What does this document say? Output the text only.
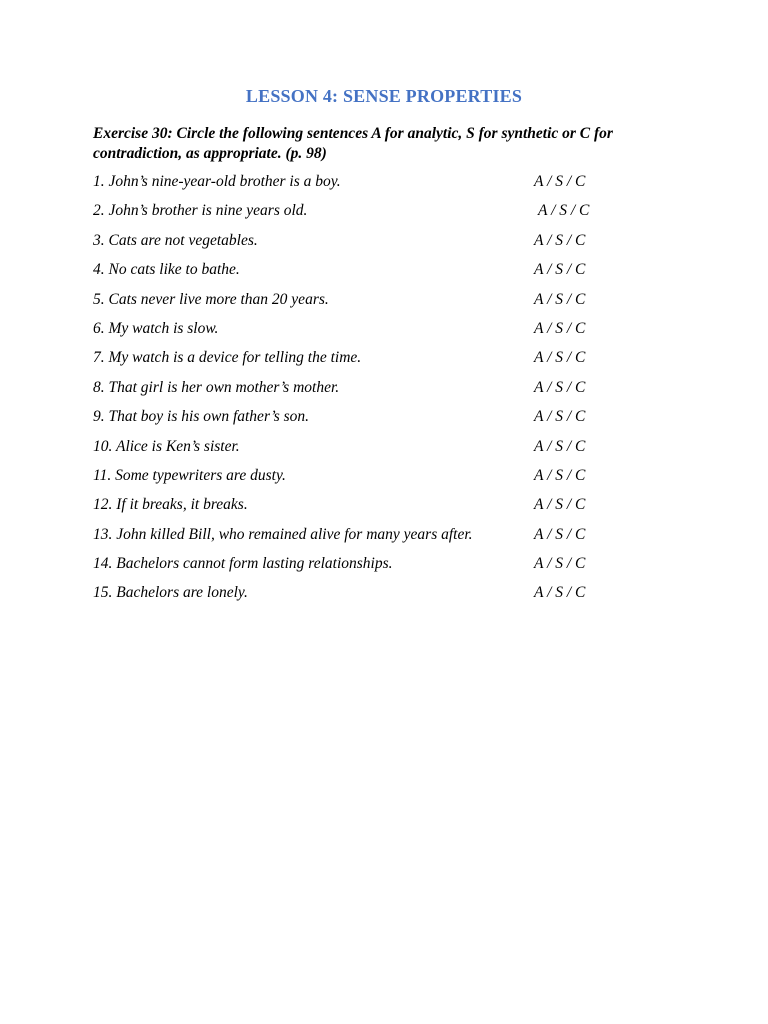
LESSON 4: SENSE PROPERTIES
Exercise 30: Circle the following sentences A for analytic, S for synthetic or C for contradiction, as appropriate. (p. 98)
1. John’s nine-year-old brother is a boy.	A / S / C
2. John’s brother is nine years old.	A / S / C
3. Cats are not vegetables.	A / S / C
4. No cats like to bathe.	A / S / C
5. Cats never live more than 20 years.	A / S / C
6. My watch is slow.	A / S / C
7. My watch is a device for telling the time.	A / S / C
8. That girl is her own mother’s mother.	A / S / C
9. That boy is his own father’s son.	A / S / C
10. Alice is Ken’s sister.	A / S / C
11. Some typewriters are dusty.	A / S / C
12. If it breaks, it breaks.	A / S / C
13. John killed Bill, who remained alive for many years after.	A / S / C
14. Bachelors cannot form lasting relationships.	A / S / C
15. Bachelors are lonely.	A / S / C
